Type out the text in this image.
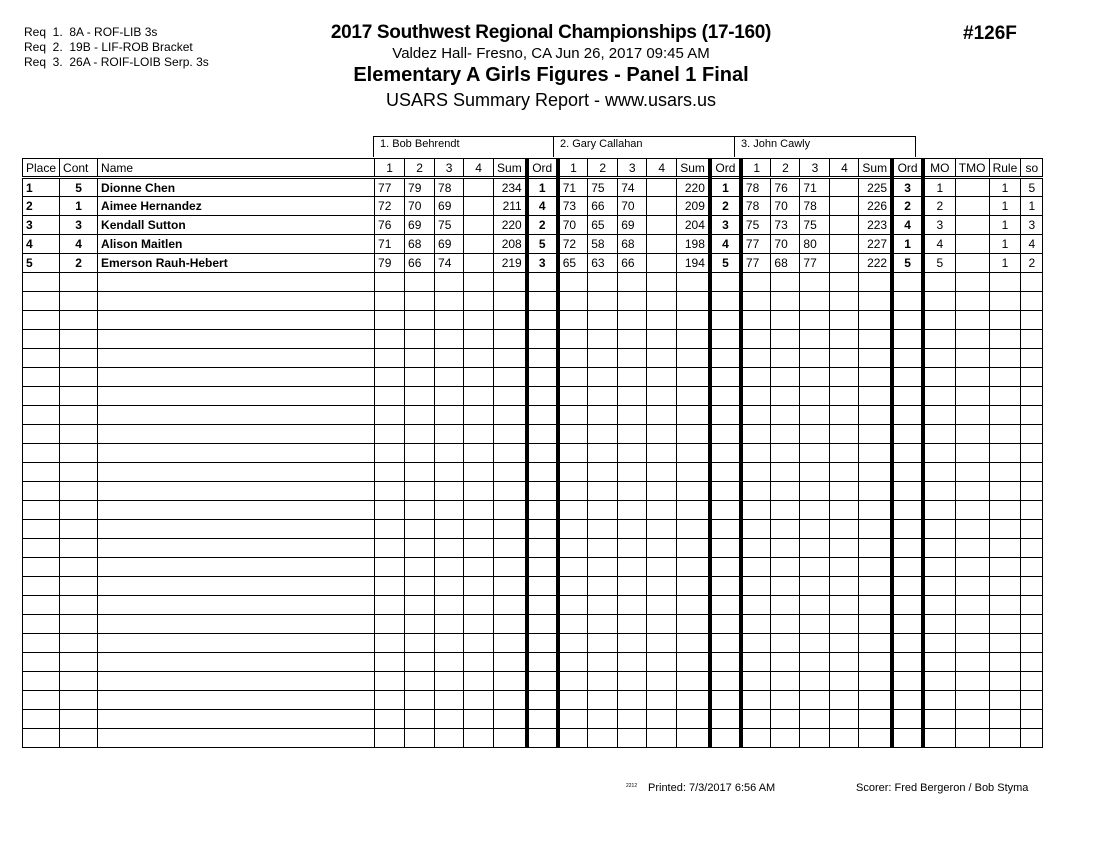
Req  1.  8A - ROF-LIB 3s
Req  2.  19B - LIF-ROB Bracket
Req  3.  26A - ROIF-LOIB Serp. 3s
2017 Southwest Regional Championships (17-160)
Valdez Hall- Fresno, CA Jun 26, 2017 09:45 AM
Elementary A Girls Figures - Panel 1 Final
USARS Summary Report - www.usars.us
#126F
1. Bob Behrendt	2. Gary Callahan	3. John Cawly
Place	Cont	Name	1	2	3	4	Sum	Ord	1	2	3	4	Sum	Ord	1	2	3	4	Sum	Ord	MO	TMO	Rule	so
1	5	Dionne Chen	77	79	78		234	1	71	75	74		220	1	78	76	71		225	3	1		1	5
2	1	Aimee Hernandez	72	70	69		211	4	73	66	70		209	2	78	70	78		226	2	2		1	1
3	3	Kendall Sutton	76	69	75		220	2	70	65	69		204	3	75	73	75		223	4	3		1	3
4	4	Alison Maitlen	71	68	69		208	5	72	58	68		198	4	77	70	80		227	1	4		1	4
5	2	Emerson Rauh-Hebert	79	66	74		219	3	65	63	66		194	5	77	68	77		222	5	5		1	2

2212 Printed: 7/3/2017 6:56 AM	Scorer: Fred Bergeron / Bob Styma
